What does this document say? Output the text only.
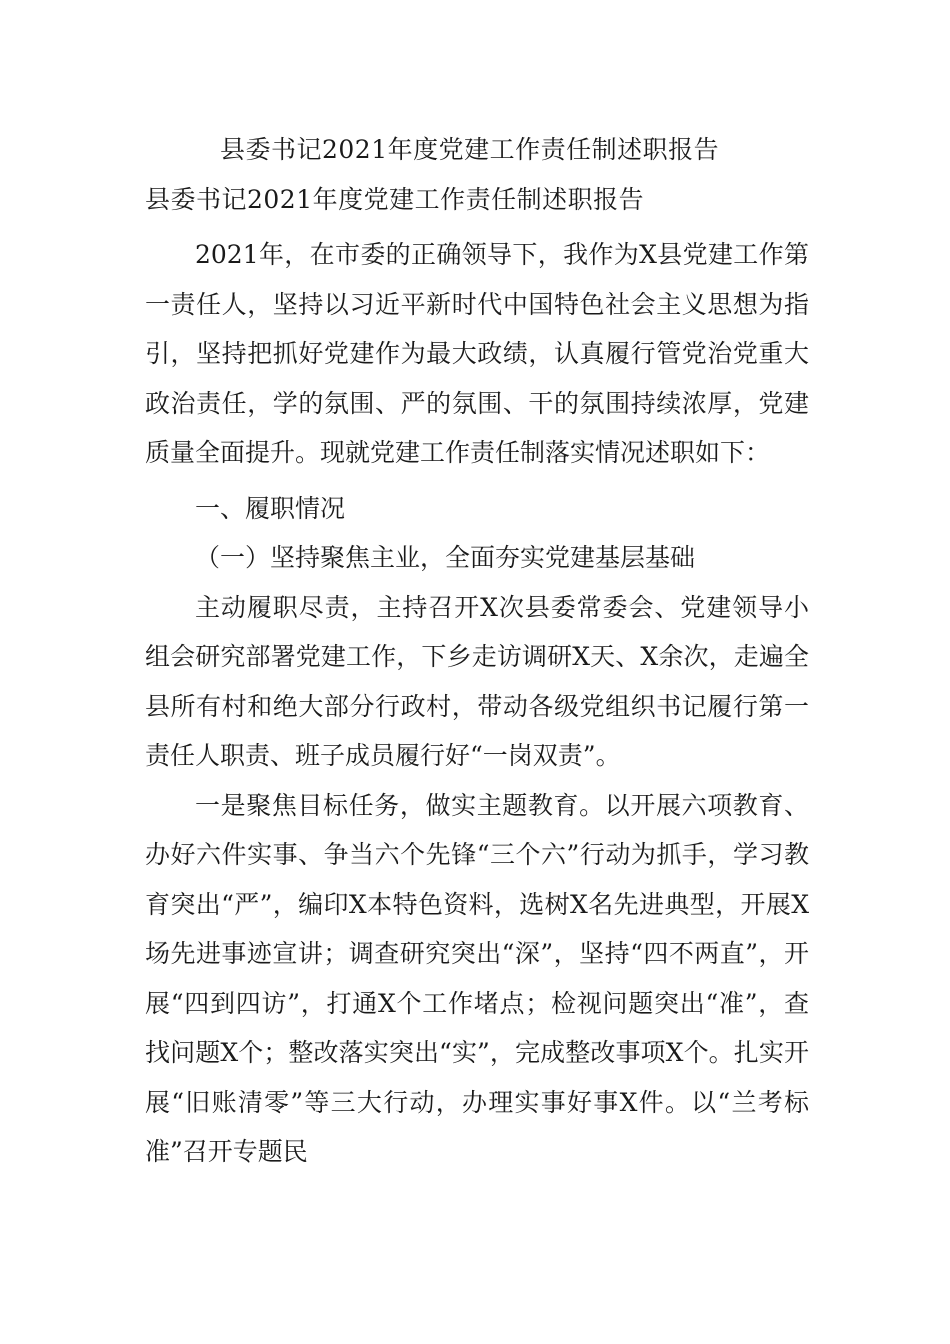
县委书记2021年度党建工作责任制述职报告
县委书记2021年度党建工作责任制述职报告

2021年，在市委的正确领导下，我作为X县党建工作第一责任人，坚持以习近平新时代中国特色社会主义思想为指引，坚持把抓好党建作为最大政绩，认真履行管党治党重大政治责任，学的氛围、严的氛围、干的氛围持续浓厚，党建质量全面提升。现就党建工作责任制落实情况述职如下：

一、履职情况

（一）坚持聚焦主业，全面夯实党建基层基础

主动履职尽责，主持召开X次县委常委会、党建领导小组会研究部署党建工作，下乡走访调研X天、X余次，走遍全县所有村和绝大部分行政村，带动各级党组织书记履行第一责任人职责、班子成员履行好“一岗双责”。

一是聚焦目标任务，做实主题教育。以开展六项教育、办好六件实事、争当六个先锋“三个六”行动为抓手，学习教育突出“严”，编印X本特色资料，选树X名先进典型，开展X场先进事迹宣讲；调查研究突出“深”，坚持“四不两直”，开展“四到四访”，打通X个工作堵点；检视问题突出“准”，查找问题X个；整改落实突出“实”，完成整改事项X个。扎实开展“旧账清零”等三大行动，办理实事好事X件。以“兰考标准”召开专题民
